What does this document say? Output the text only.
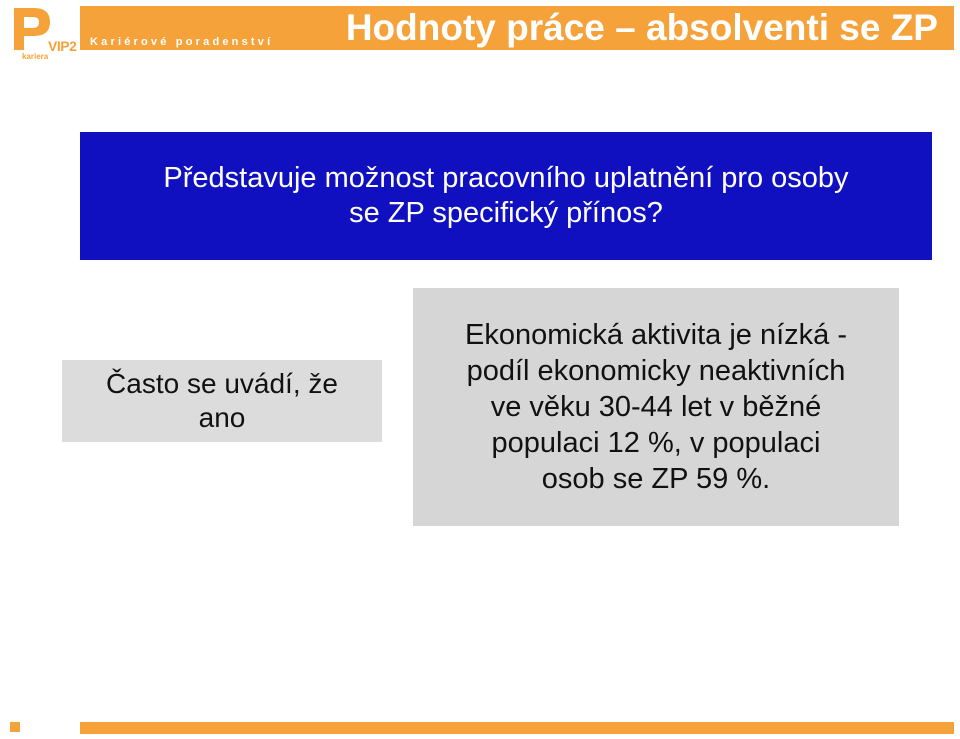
VIP2
kariera
Kariérové poradenství Hodnoty práce – absolventi se ZP
Představuje možnost pracovního uplatnění pro osoby
se ZP specifický přínos?
Často se uvádí, že
ano
Ekonomická aktivita je nízká -
podíl ekonomicky neaktivních
ve věku 30-44 let v běžné
populaci 12 %, v populaci
osob se ZP 59 %.
